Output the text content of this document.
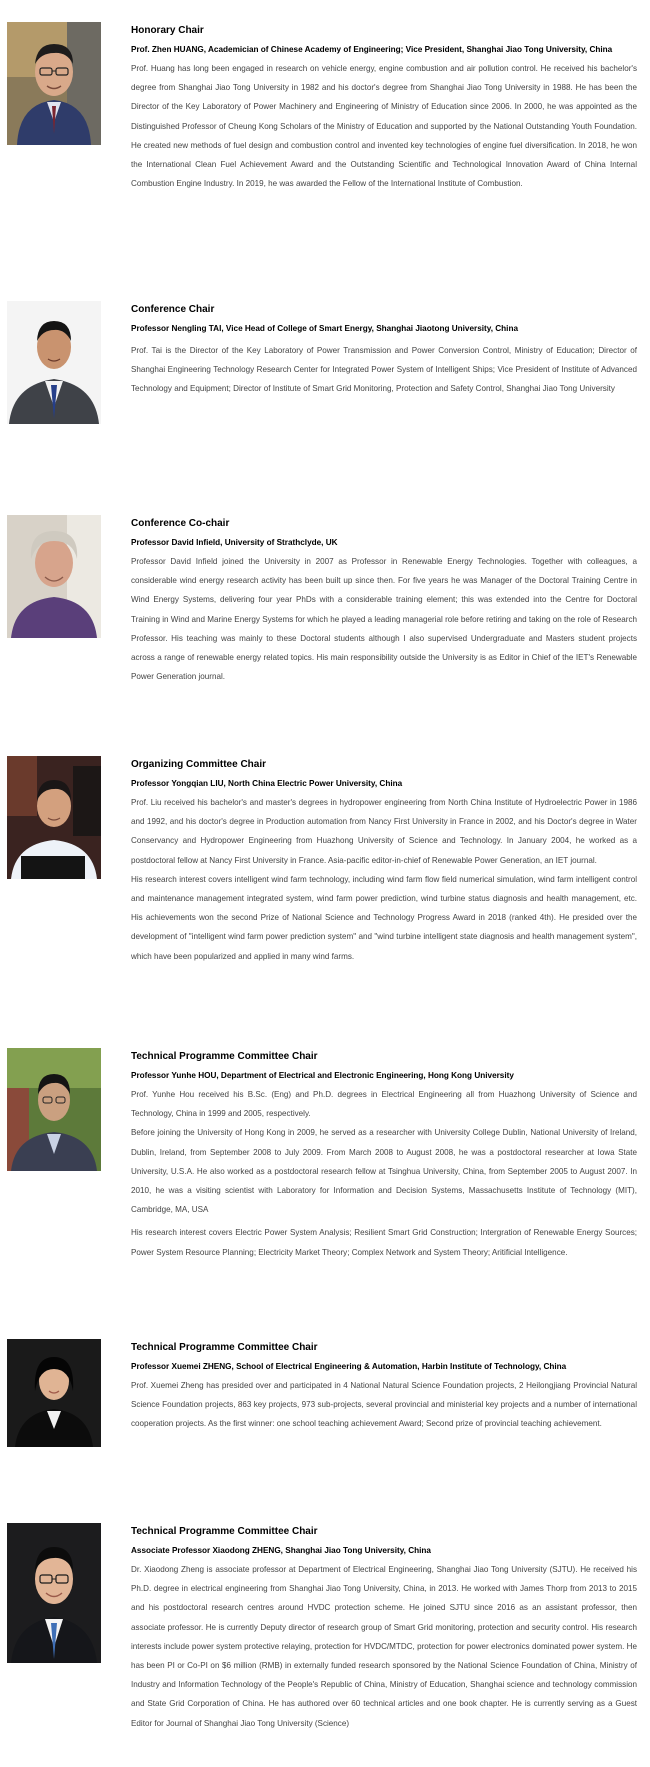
Honorary Chair
Prof. Zhen HUANG, Academician of Chinese Academy of Engineering; Vice President, Shanghai Jiao Tong University, China

Prof. Huang has long been engaged in research on vehicle energy, engine combustion and air pollution control. He received his bachelor's degree from Shanghai Jiao Tong University in 1982 and his doctor's degree from Shanghai Jiao Tong University in 1988. He has been the Director of the Key Laboratory of Power Machinery and Engineering of Ministry of Education since 2006. In 2000, he was appointed as the Distinguished Professor of Cheung Kong Scholars of the Ministry of Education and supported by the National Outstanding Youth Foundation. He created new methods of fuel design and combustion control and invented key technologies of engine fuel diversification. In 2018, he won the International Clean Fuel Achievement Award and the Outstanding Scientific and Technological Innovation Award of China Internal Combustion Engine Industry. In 2019, he was awarded the Fellow of the International Institute of Combustion.

Conference Chair
Professor Nengling TAI, Vice Head of College of Smart Energy, Shanghai Jiaotong University, China

Prof. Tai is the Director of the Key Laboratory of Power Transmission and Power Conversion Control, Ministry of Education; Director of Shanghai Engineering Technology Research Center for Integrated Power System of Intelligent Ships; Vice President of Institute of Advanced Technology and Equipment; Director of Institute of Smart Grid Monitoring, Protection and Safety Control, Shanghai Jiao Tong University

Conference Co-chair
Professor David Infield, University of Strathclyde, UK

Professor David Infield joined the University in 2007 as Professor in Renewable Energy Technologies. Together with colleagues, a considerable wind energy research activity has been built up since then. For five years he was Manager of the Doctoral Training Centre in Wind Energy Systems, delivering four year PhDs with a considerable training element; this was extended into the Centre for Doctoral Training in Wind and Marine Energy Systems for which he played a leading managerial role before retiring and taking on the role of Research Professor. His teaching was mainly to these Doctoral students although I also supervised Undergraduate and Masters student projects across a range of renewable energy related topics. His main responsibility outside the University is as Editor in Chief of the IET's Renewable Power Generation journal.

Organizing Committee Chair
Professor Yongqian LIU, North China Electric Power University, China

Prof. Liu received his bachelor's and master's degrees in hydropower engineering from North China Institute of Hydroelectric Power in 1986 and 1992, and his doctor's degree in Production automation from Nancy First University in France in 2002, and his Doctor's degree in Water Conservancy and Hydropower Engineering from Huazhong University of Science and Technology. In January 2004, he worked as a postdoctoral fellow at Nancy First University in France. Asia-pacific editor-in-chief of Renewable Power Generation, an IET journal.

His research interest covers intelligent wind farm technology, including wind farm flow field numerical simulation, wind farm intelligent control and maintenance management integrated system, wind farm power prediction, wind turbine status diagnosis and health management, etc. His achievements won the second Prize of National Science and Technology Progress Award in 2018 (ranked 4th). He presided over the development of "intelligent wind farm power prediction system" and "wind turbine intelligent state diagnosis and health management system", which have been popularized and applied in many wind farms.

Technical Programme Committee Chair
Professor Yunhe HOU, Department of Electrical and Electronic Engineering, Hong Kong University

Prof. Yunhe Hou received his B.Sc. (Eng) and Ph.D. degrees in Electrical Engineering all from Huazhong University of Science and Technology, China in 1999 and 2005, respectively.

Before joining the University of Hong Kong in 2009, he served as a researcher with University College Dublin, National University of Ireland, Dublin, Ireland, from September 2008 to July 2009. From March 2008 to August 2008, he was a postdoctoral researcher at Iowa State University, U.S.A. He also worked as a postdoctoral research fellow at Tsinghua University, China, from September 2005 to August 2007. In 2010, he was a visiting scientist with Laboratory for Information and Decision Systems, Massachusetts Institute of Technology (MIT), Cambridge, MA, USA

His research interest covers Electric Power System Analysis; Resilient Smart Grid Construction; Intergration of Renewable Energy Sources; Power System Resource Planning; Electricity Market Theory; Complex Network and System Theory; Aritificial Intelligence.

Technical Programme Committee Chair
Professor Xuemei ZHENG, School of Electrical Engineering & Automation, Harbin Institute of Technology, China

Prof. Xuemei Zheng has presided over and participated in 4 National Natural Science Foundation projects, 2 Heilongjiang Provincial Natural Science Foundation projects, 863 key projects, 973 sub-projects, several provincial and ministerial key projects and a number of international cooperation projects. As the first winner: one school teaching achievement Award; Second prize of provincial teaching achievement.

Technical Programme Committee Chair
Associate Professor Xiaodong ZHENG, Shanghai Jiao Tong University, China

Dr. Xiaodong Zheng is associate professor at Department of Electrical Engineering, Shanghai Jiao Tong University (SJTU). He received his Ph.D. degree in electrical engineering from Shanghai Jiao Tong University, China, in 2013. He worked with James Thorp from 2013 to 2015 and his postdoctoral research centres around HVDC protection scheme. He joined SJTU since 2016 as an assistant professor, then associate professor. He is currently Deputy director of research group of Smart Grid monitoring, protection and security control. His research interests include power system protective relaying, protection for HVDC/MTDC, protection for power electronics dominated power system. He has been PI or Co-PI on $6 million (RMB) in externally funded research sponsored by the National Science Foundation of China, Ministry of Industry and Information Technology of the People's Republic of China, Ministry of Education, Shanghai science and technology commission and State Grid Corporation of China. He has authored over 60 technical articles and one book chapter. He is currently serving as a Guest Editor for Journal of Shanghai Jiao Tong University (Science)
